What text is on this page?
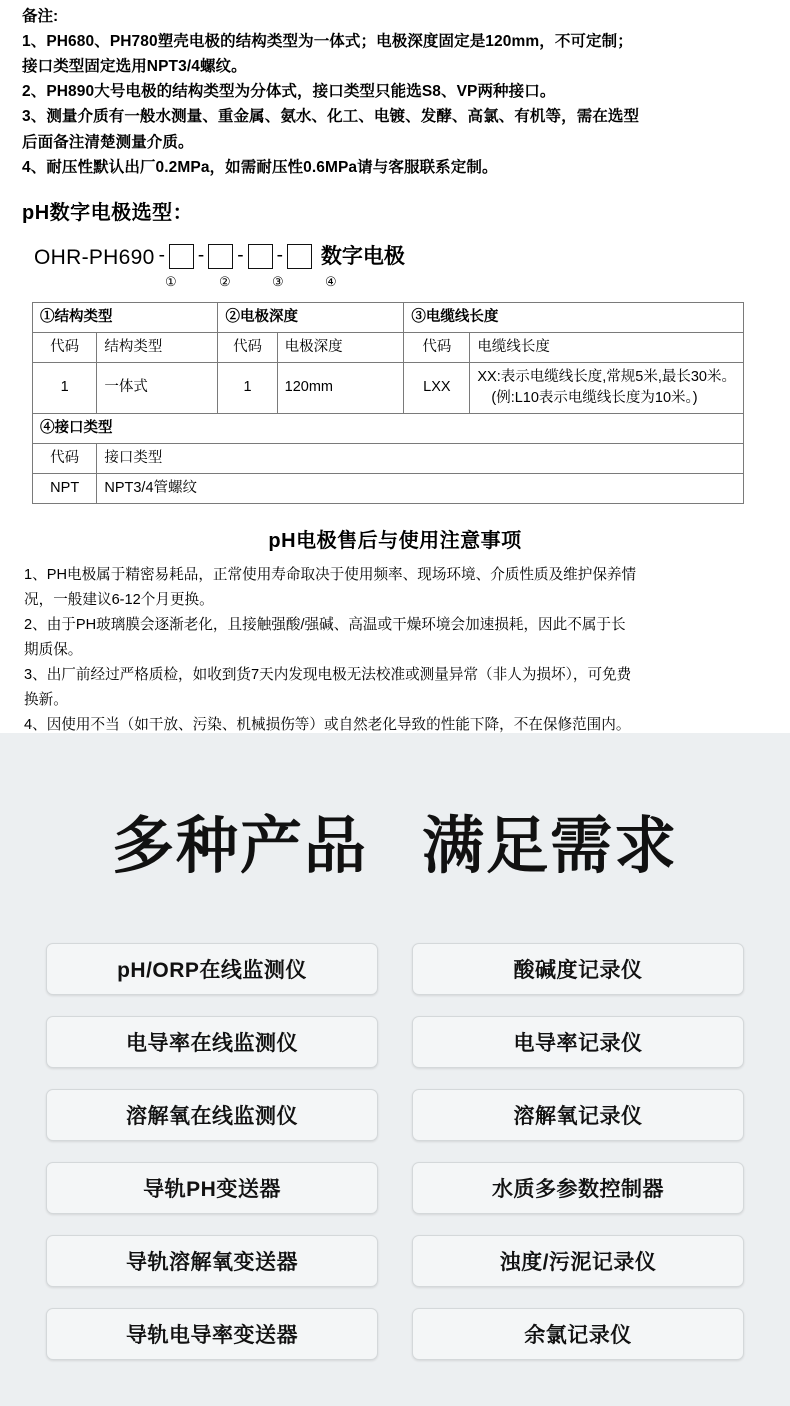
备注:

1、PH680、PH780塑壳电极的结构类型为一体式；电极深度固定是120mm，不可定制；

接口类型固定选用NPT3/4螺纹。

2、PH890大号电极的结构类型为分体式，接口类型只能选S8、VP两种接口。

3、测量介质有一般水测量、重金属、氨水、化工、电镀、发酵、高氯、有机等，需在选型

后面备注清楚测量介质。

4、耐压性默认出厂0.2MPa，如需耐压性0.6MPa请与客服联系定制。

pH数字电极选型：
OHR-PH690 - - - - 数字电极
①	②	③	④
①结构类型		②电极深度		③电缆线长度	
代码	结构类型	代码	电极深度	代码	电缆线长度
1	一体式	1	120mm	LXX	XX:表示电缆线长度,常规5米,最长30米。
(例:L10表示电缆线长度为10米。)

④接口类型					
代码	接口类型				
NPT	NPT3/4管螺纹				
pH电极售后与使用注意事项

1、PH电极属于精密易耗品，正常使用寿命取决于使用频率、现场环境、介质性质及维护保养情

况，一般建议6-12个月更换。

2、由于PH玻璃膜会逐渐老化，且接触强酸/强碱、高温或干燥环境会加速损耗，因此不属于长

期质保。

3、出厂前经过严格质检，如收到货7天内发现电极无法校准或测量异常（非人为损坏），可免费

换新。

4、因使用不当（如干放、污染、机械损伤等）或自然老化导致的性能下降，不在保修范围内。

多种产品 满足需求
pH/ORP在线监测仪	酸碱度记录仪
电导率在线监测仪	电导率记录仪
溶解氧在线监测仪	溶解氧记录仪
导轨PH变送器	水质多参数控制器
导轨溶解氧变送器	浊度/污泥记录仪
导轨电导率变送器	余氯记录仪
